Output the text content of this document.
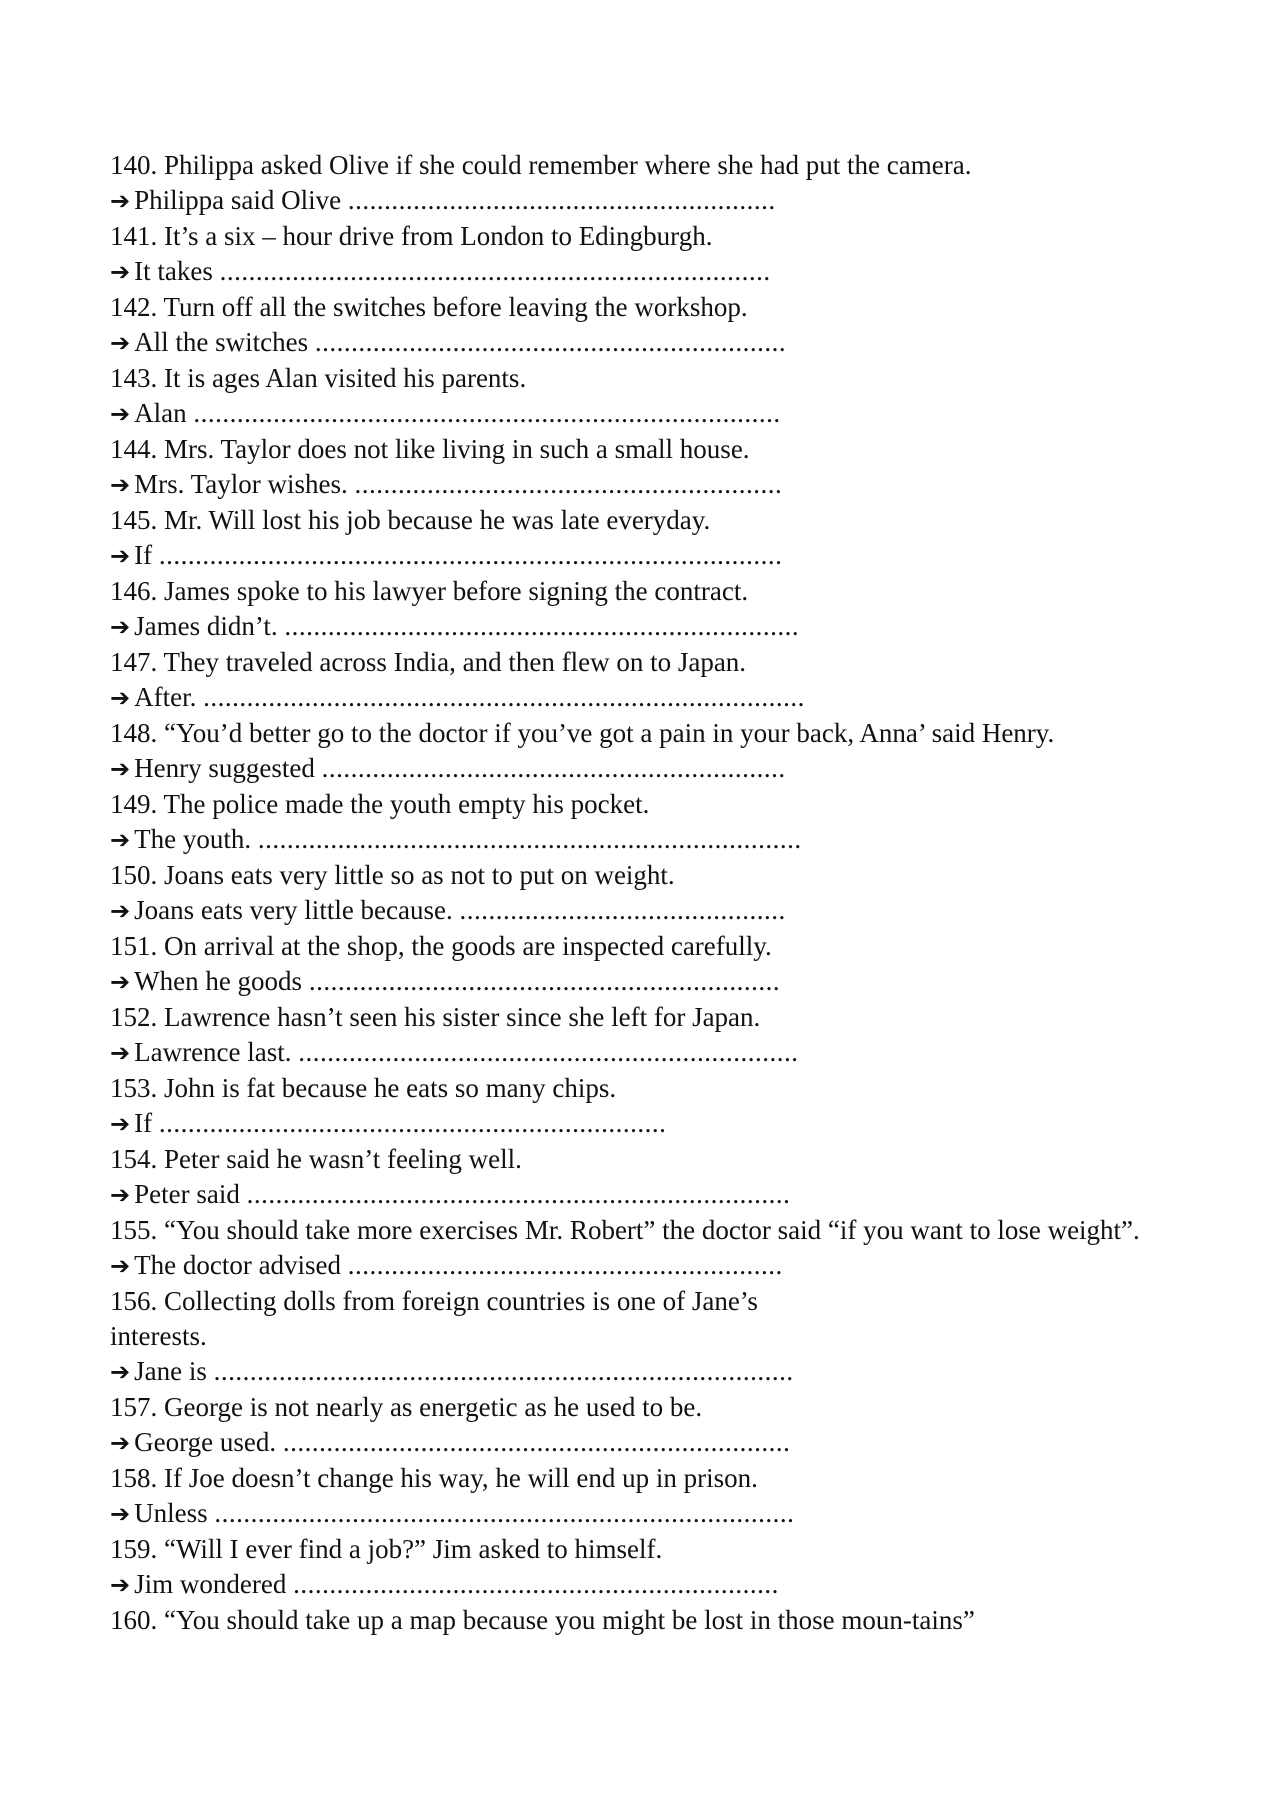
140. Philippa asked Olive if she could remember where she had put the camera.
➔ Philippa said Olive ...........................................................
141. It’s a six – hour drive from London to Edingburgh.
➔ It takes ............................................................................
142. Turn off all the switches before leaving the workshop.
➔ All the switches .................................................................
143. It is ages Alan visited his parents.
➔ Alan .................................................................................
144. Mrs. Taylor does not like living in such a small house.
➔ Mrs. Taylor wishes. ...........................................................
145. Mr. Will lost his job because he was late everyday.
➔ If ......................................................................................
146. James spoke to his lawyer before signing the contract.
➔ James didn’t. .......................................................................
147. They traveled across India, and then flew on to Japan.
➔ After. ...................................................................................
148. “You’d better go to the doctor if you’ve got a pain in your back, Anna’ said Henry.
➔ Henry suggested ................................................................
149. The police made the youth empty his pocket.
➔ The youth. ...........................................................................
150. Joans eats very little so as not to put on weight.
➔ Joans eats very little because. .............................................
151. On arrival at the shop, the goods are inspected carefully.
➔ When he goods .................................................................
152. Lawrence hasn’t seen his sister since she left for Japan.
➔ Lawrence last. .....................................................................
153. John is fat because he eats so many chips.
➔ If ......................................................................
154. Peter said he wasn’t feeling well.
➔ Peter said ...........................................................................
155. “You should take more exercises Mr. Robert” the doctor said “if you want to lose weight”.
➔ The doctor advised ............................................................
156. Collecting dolls from foreign countries is one of Jane’s interests.
➔ Jane is ................................................................................
157. George is not nearly as energetic as he used to be.
➔ George used. ......................................................................
158. If Joe doesn’t change his way, he will end up in prison.
➔ Unless ................................................................................
159. “Will I ever find a job?” Jim asked to himself.
➔ Jim wondered ...................................................................
160. “You should take up a map because you might be lost in those moun-tains”
